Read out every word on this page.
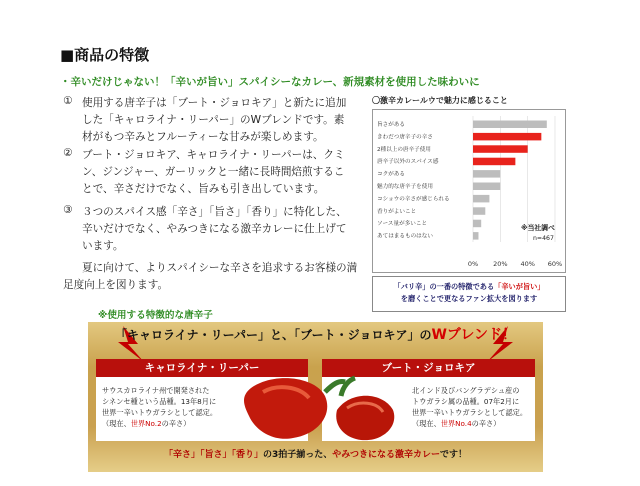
■商品の特徴
・辛いだけじゃない！「辛いが旨い」スパイシーなカレー、新規素材を使用した味わいに
① 使用する唐辛子は「ブート・ジョロキア」と新たに追加
した「キャロライナ・リーパー」のWブレンドです。素
材がもつ辛みとフルーティーな甘みが楽しめます。
② ブート・ジョロキア、キャロライナ・リーパーは、クミ
ン、ジンジャー、ガーリックと一緒に長時間焙煎するこ
とで、辛さだけでなく、旨みも引き出しています。
③ ３つのスパイス感「辛さ」「旨さ」「香り」に特化した、
辛いだけでなく、やみつきになる激辛カレーに仕上げて
います。
夏に向けて、よりスパイシーな辛さを追求するお客様の満
足度向上を図ります。
〇激辛カレールウで魅力に感じること
0% 20% 40% 60%
旨さがある
きわだつ唐辛子の辛さ
2種以上の唐辛子使用
唐辛子以外のスパイス感
コクがある
魅力的な唐辛子を使用
コショウの辛さが感じられる
香りがよいこと
ソース量が多いこと
あてはまるものはない
※当社調べ
n=467
「バリ辛」の一番の特徴である「辛いが旨い」
を磨くことで更なるファン拡大を図ります
※使用する特徴的な唐辛子
「キャロライナ・リーパー」と、「ブート・ジョロキア」のWブレンド！
キャロライナ・リーパー	ブート・ジョロキア
サウスカロライナ州で開発された
シネンセ種という品種。13年8月に
世界一辛いトウガラシとして認定。
（現在、世界No.2の辛さ）
北インド及びバングラデシュ産の
トウガラシ属の品種。07年2月に
世界一辛いトウガラシとして認定。
（現在、世界No.4の辛さ）
「辛さ」「旨さ」「香り」の3拍子揃った、やみつきになる激辛カレーです！
